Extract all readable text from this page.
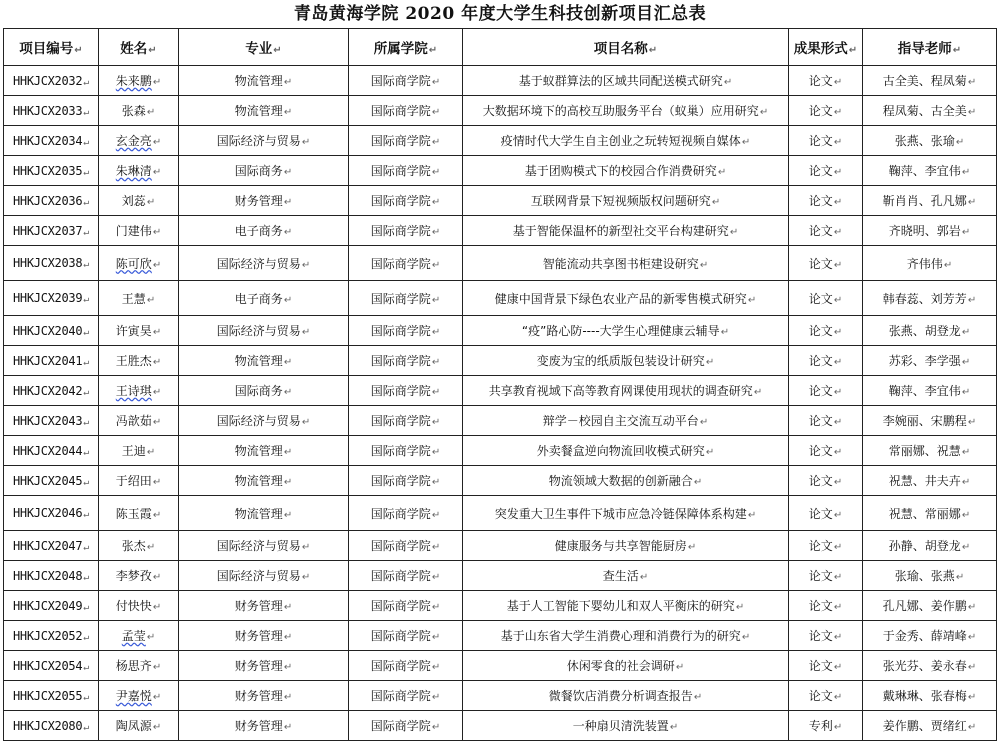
青岛黄海学院 2020 年度大学生科技创新项目汇总表
项目编号↵	姓名↵	专业↵	所属学院↵	项目名称↵	成果形式↵	指导老师↵
HHKJCX2032↵	朱来鹏↵	物流管理↵	国际商学院↵	基于蚁群算法的区域共同配送模式研究↵	论文↵	古全美、程凤菊↵
HHKJCX2033↵	张森↵	物流管理↵	国际商学院↵	大数据环境下的高校互助服务平台（蚁巢）应用研究↵	论文↵	程凤菊、古全美↵
HHKJCX2034↵	玄金亮↵	国际经济与贸易↵	国际商学院↵	疫情时代大学生自主创业之玩转短视频自媒体↵	论文↵	张燕、张瑜↵
HHKJCX2035↵	朱琳清↵	国际商务↵	国际商学院↵	基于团购模式下的校园合作消费研究↵	论文↵	鞠萍、李宜伟↵
HHKJCX2036↵	刘蕊↵	财务管理↵	国际商学院↵	互联网背景下短视频版权问题研究↵	论文↵	靳肖肖、孔凡娜↵
HHKJCX2037↵	门建伟↵	电子商务↵	国际商学院↵	基于智能保温杯的新型社交平台构建研究↵	论文↵	齐晓明、郭岩↵
HHKJCX2038↵	陈可欣↵	国际经济与贸易↵	国际商学院↵	智能流动共享图书柜建设研究↵	论文↵	齐伟伟↵
HHKJCX2039↵	王慧↵	电子商务↵	国际商学院↵	健康中国背景下绿色农业产品的新零售模式研究↵	论文↵	韩春蕊、刘芳芳↵
HHKJCX2040↵	许寅昊↵	国际经济与贸易↵	国际商学院↵	“疫”路心防----大学生心理健康云辅导↵	论文↵	张燕、胡登龙↵
HHKJCX2041↵	王胜杰↵	物流管理↵	国际商学院↵	变废为宝的纸质版包装设计研究↵	论文↵	苏彩、李学强↵
HHKJCX2042↵	王诗琪↵	国际商务↵	国际商学院↵	共享教育视域下高等教育网课使用现状的调查研究↵	论文↵	鞠萍、李宜伟↵
HHKJCX2043↵	冯歆茹↵	国际经济与贸易↵	国际商学院↵	辩学－校园自主交流互动平台↵	论文↵	李婉丽、宋鹏程↵
HHKJCX2044↵	王迪↵	物流管理↵	国际商学院↵	外卖餐盒逆向物流回收模式研究↵	论文↵	常丽娜、祝慧↵
HHKJCX2045↵	于绍田↵	物流管理↵	国际商学院↵	物流领域大数据的创新融合↵	论文↵	祝慧、井夫卉↵
HHKJCX2046↵	陈玉霞↵	物流管理↵	国际商学院↵	突发重大卫生事件下城市应急冷链保障体系构建↵	论文↵	祝慧、常丽娜↵
HHKJCX2047↵	张杰↵	国际经济与贸易↵	国际商学院↵	健康服务与共享智能厨房↵	论文↵	孙静、胡登龙↵
HHKJCX2048↵	李梦孜↵	国际经济与贸易↵	国际商学院↵	查生活↵	论文↵	张瑜、张燕↵
HHKJCX2049↵	付快快↵	财务管理↵	国际商学院↵	基于人工智能下婴幼儿和双人平衡床的研究↵	论文↵	孔凡娜、姜作鹏↵
HHKJCX2052↵	孟莹↵	财务管理↵	国际商学院↵	基于山东省大学生消费心理和消费行为的研究↵	论文↵	于金秀、薛靖峰↵
HHKJCX2054↵	杨思齐↵	财务管理↵	国际商学院↵	休闲零食的社会调研↵	论文↵	张光芬、姜永春↵
HHKJCX2055↵	尹嘉悦↵	财务管理↵	国际商学院↵	微餐饮店消费分析调查报告↵	论文↵	戴琳琳、张春梅↵
HHKJCX2080↵	陶凤源↵	财务管理↵	国际商学院↵	一种扇贝清洗装置↵	专利↵	姜作鹏、贾绪红↵
